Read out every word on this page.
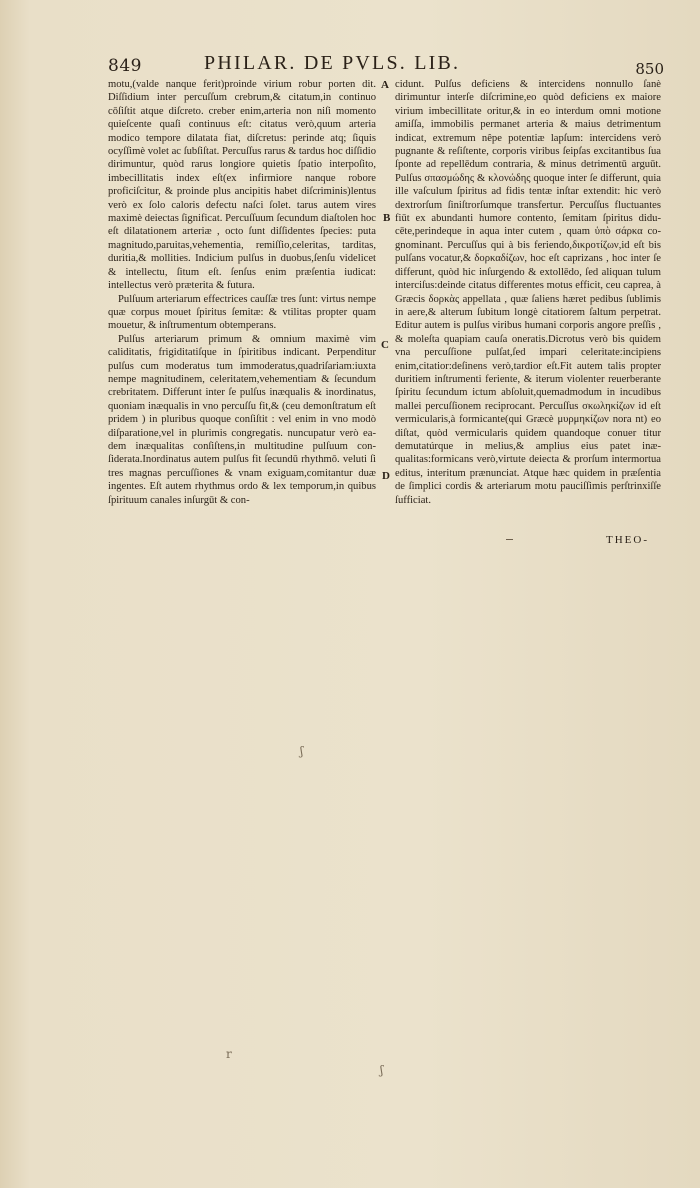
849	PHILAR. DE PVLS. LIB.	850

motu,(valde nanque ferit)proinde virium robur porten dit. Diſſidium inter percuſſum crebrum,& citatum,in continuo cōſiſtit atque diſcreto. creber enim,arteria non niſi momento quieſcente quaſi continuus eſt: citatus verò,quum arteria modico tempore dilatata fiat, diſcretus: perinde atq; ſiquis ocyſſimè volet ac ſubſiſtat. Percuſſus rarus & tardus hoc diſſidio dirimuntur, quòd rarus longiore quietis ſpatio interpoſito, imbecillitatis index eſt(ex infirmiore nanque robore proficiſcitur, & proinde plus ancipitis habet diſcriminis)lentus verò ex ſolo caloris defectu naſci ſolet. tarus autem vires maximè deiectas ſignificat. Percuſſuum ſecundum diaſtolen hoc eſt dilatationem arteriæ , octo ſunt diſſidentes ſpecies: puta magnitudo,paruitas,vehementia, remiſſio,celeritas, tarditas, duritia,& mollities. Indicium pulſus in duobus,ſenſu videlicet & intellectu, ſitum eſt. ſenſus enim præſentia iudicat: intellectus verò præterita & futura.

Pulſuum arteriarum effectrices cauſſæ tres ſunt: virtus nempe quæ corpus mouet ſpiritus ſemitæ: & vtilitas propter quam mouetur, & inſtrumentum obtemperans.

Pulſus arteriarum primum & omnium maximè vim caliditatis, frigiditatiſque in ſpiritibus indicant. Perpenditur pulſus cum moderatus tum immoderatus,quadriſariam:iuxta nempe magnitudinem, celeritatem,vehementiam & ſecundum crebritatem. Differunt inter ſe pulſus inæqualis & inordinatus, quoniam inæqualis in vno percuſſu fit,& (ceu demonſtratum eſt pridem ) in pluribus quoque conſiſtit : vel enim in vno modò diſparatione,vel in plurimis congregatis. nuncupatur verò eadem inæqualitas conſiſtens,in multitudine pulſuum conſiderata.Inordinatus autem pulſus fit ſecundū rhythmō. veluti ſi tres magnas percuſſiones & vnam exiguam,comitantur duæ ingentes. Eſt autem rhythmus ordo & lex temporum,in quibus ſpirituum canales inſurgūt & con-

cidunt. Pulſus deficiens & intercidens nonnullo ſanè dirimuntur interſe diſcrimine,eo quòd deficiens ex maiore virium imbecillitate oritur,& in eo interdum omni motione amiſſa, immobilis permanet arteria & maius detrimentum indicat, extremum nêpe potentiæ lapſum: intercidens verò pugnante & reſiſtente, corporis viribus ſeipſas excitantibus ſua ſponte ad repellēdum contraria, & minus detrimentū arguūt. Pulſus σπασμώδης & κλονώδης quoque inter ſe differunt, quia ille vaſculum ſpiritus ad fidis tentæ inſtar extendit: hic verò dextrorſum ſiniſtrorſumque transfertur. Percuſſus fluctuantes fiūt ex abundanti humore contento, ſemitam ſpiritus diducēte,perindeque in aqua inter cutem , quam ὑπὸ σάρκα cognominant. Percuſſus qui à bis feriendo,δικροτίζων,id eſt bis pulſans vocatur,& δορκαδίζων, hoc eſt caprizans , hoc inter ſe differunt, quòd hic inſurgendo & extollēdo, ſed aliquan tulum interciſus:deinde citatus differentes motus efficit, ceu caprea, à Græcis δορκὰς appellata , quæ ſaliens hæret pedibus ſublimis in aere,& alterum ſubitum longè citatiorem ſaltum perpetrat. Editur autem is pulſus viribus humani corporis angore preſſis , & moleſta quapiam cauſa oneratis.Dicrotus verò bis quidem vna percuſſione pulſat,ſed impari celeritate:incipiens enim,citatior:deſinens verò,tardior eſt.Fit autem talis propter duritiem inſtrumenti feriente, & iterum violenter reuerberante ſpiritu ſecundum ictum abſoluit,quemadmodum in incudibus mallei percuſſionem reciprocant. Percuſſus σκωληκίζων id eſt vermicularis,à formicante(qui Græcè μυρμηκίζων nora nt) eo diſtat, quòd vermicularis quidem quandoque conuer titur demutatúrque in melius,& amplius eius patet inæqualitas:formicans verò,virtute deiecta & prorſum intermortua editus, interitum prænunciat. Atque hæc quidem in præſentia de ſimplici cordis & arteriarum motu pauciſſimis perſtrinxiſſe ſufficiat.

A
B
C
D
THEO-
ʃ
r
ʃ
